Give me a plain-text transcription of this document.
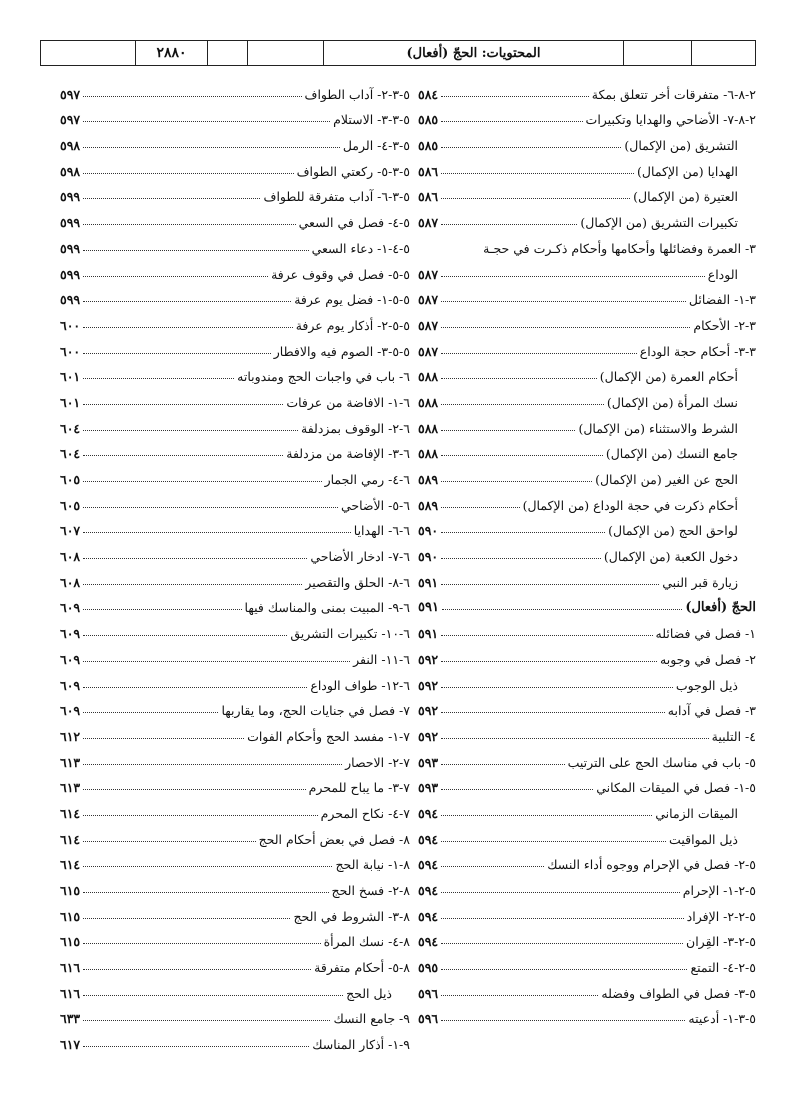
المحتويات: الحجّ (أفعال)
٢٨٨٠
٢-٨-٦- متفرقات أخر تتعلق بمكة
٥٨٤
٢-٨-٧- الأضاحي والهدايا وتكبيرات
٥٨٥
التشريق (من الإكمال)
٥٨٥
الهدايا (من الإكمال)
٥٨٦
العتيرة (من الإكمال)
٥٨٦
تكبيرات التشريق (من الإكمال)
٥٨٧
٣- العمرة وفضائلها وأحكامها وأحكام ذكـرت في حجـة
الوداع
٥٨٧
٣-١- الفضائل
٥٨٧
٣-٢- الأحكام
٥٨٧
٣-٣- أحكام حجة الوداع
٥٨٧
أحكام العمرة (من الإكمال)
٥٨٨
نسك المرأة (من الإكمال)
٥٨٨
الشرط والاستثناء (من الإكمال)
٥٨٨
جامع النسك (من الإكمال)
٥٨٨
الحج عن الغير (من الإكمال)
٥٨٩
أحكام ذكرت في حجة الوداع (من الإكمال)
٥٨٩
لواحق الحج (من الإكمال)
٥٩٠
دخول الكعبة (من الإكمال)
٥٩٠
زيارة قبر النبي
٥٩١
الحجّ (أفعال)
٥٩١
١- فصل في فضائله
٥٩١
٢- فصل في وجوبه
٥٩٢
ذيل الوجوب
٥٩٢
٣- فصل في آدابه
٥٩٢
٤- التلبية
٥٩٢
٥- باب في مناسك الحج على الترتيب
٥٩٣
٥-١- فصل في الميقات المكاني
٥٩٣
الميقات الزماني
٥٩٤
ذيل المواقيت
٥٩٤
٥-٢- فصل في الإحرام ووجوه أداء النسك
٥٩٤
٥-٢-١- الإحرام
٥٩٤
٥-٢-٢- الإفراد
٥٩٤
٥-٢-٣- القِران
٥٩٤
٥-٢-٤- التمتع
٥٩٥
٥-٣- فصل في الطواف وفضله
٥٩٦
٥-٣-١- أدعيته
٥٩٦
٥-٣-٢- آداب الطواف
٥٩٧
٥-٣-٣- الاستلام
٥٩٧
٥-٣-٤- الرمل
٥٩٨
٥-٣-٥- ركعتي الطواف
٥٩٨
٥-٣-٦- آداب متفرقة للطواف
٥٩٩
٥-٤- فصل في السعي
٥٩٩
٥-٤-١- دعاء السعي
٥٩٩
٥-٥- فصل في وقوف عرفة
٥٩٩
٥-٥-١- فضل يوم عرفة
٥٩٩
٥-٥-٢- أذكار يوم عرفة
٦٠٠
٥-٥-٣- الصوم فيه والافطار
٦٠٠
٦- باب في واجبات الحج ومندوباته
٦٠١
٦-١- الافاضة من عرفات
٦٠١
٦-٢- الوقوف بمزدلفة
٦٠٤
٦-٣- الإفاضة من مزدلفة
٦٠٤
٦-٤- رمي الجمار
٦٠٥
٦-٥- الأضاحي
٦٠٥
٦-٦- الهدايا
٦٠٧
٦-٧- ادخار الأضاحي
٦٠٨
٦-٨- الحلق والتقصير
٦٠٨
٦-٩- المبيت بمنى والمناسك فيها
٦٠٩
٦-١٠- تكبيرات التشريق
٦٠٩
٦-١١- النفر
٦٠٩
٦-١٢- طواف الوداع
٦٠٩
٧- فصل في جنايات الحج، وما يقاربها
٦٠٩
٧-١- مفسد الحج وأحكام الفوات
٦١٢
٧-٢- الاحصار
٦١٣
٧-٣- ما يباح للمحرم
٦١٣
٧-٤- نكاح المحرم
٦١٤
٨- فصل في بعض أحكام الحج
٦١٤
٨-١- نيابة الحج
٦١٤
٨-٢- فسخ الحج
٦١٥
٨-٣- الشروط في الحج
٦١٥
٨-٤- نسك المرأة
٦١٥
٨-٥- أحكام متفرقة
٦١٦
ذيل الحج
٦١٦
٩- جامع النسك
٦٣٣
٩-١- أذكار المناسك
٦١٧
